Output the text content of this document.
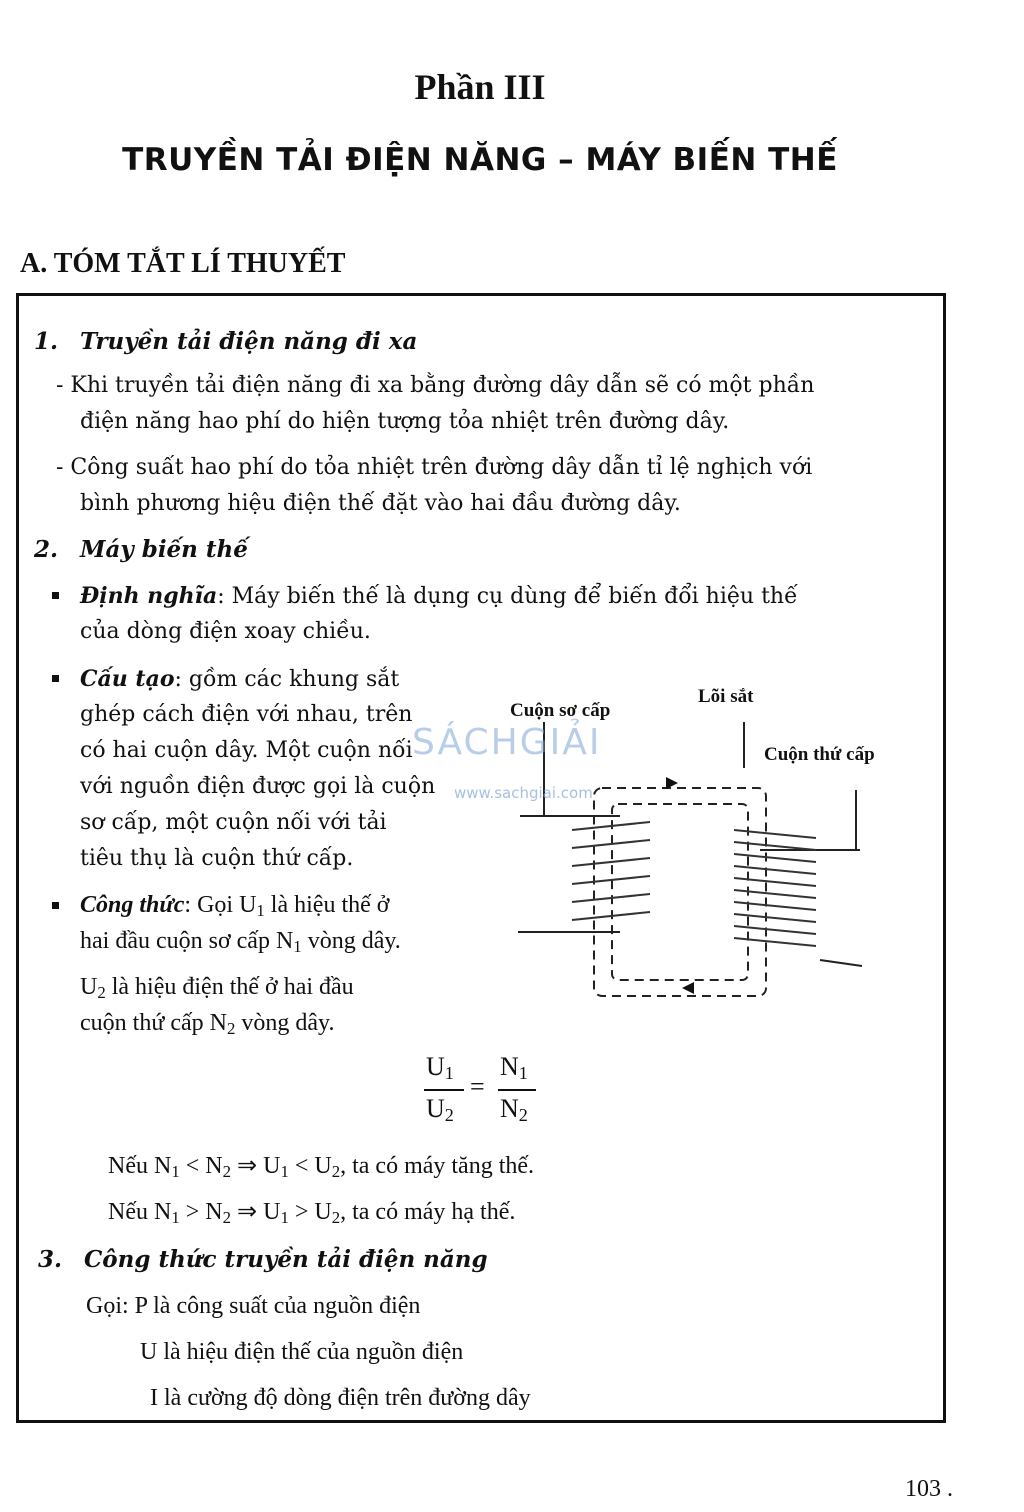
Phần III
TRUYỀN TẢI ĐIỆN NĂNG – MÁY BIẾN THẾ
A. TÓM TẮT LÍ THUYẾT
1. Truyền tải điện năng đi xa
- Khi truyền tải điện năng đi xa bằng đường dây dẫn sẽ có một phần
điện năng hao phí do hiện tượng tỏa nhiệt trên đường dây.
- Công suất hao phí do tỏa nhiệt trên đường dây dẫn tỉ lệ nghịch với
bình phương hiệu điện thế đặt vào hai đầu đường dây.
2. Máy biến thế
Định nghĩa: Máy biến thế là dụng cụ dùng để biến đổi hiệu thế
của dòng điện xoay chiều.
Cấu tạo: gồm các khung sắt
ghép cách điện với nhau, trên
có hai cuộn dây. Một cuộn nối
với nguồn điện được gọi là cuộn
sơ cấp, một cuộn nối với tải
tiêu thụ là cuộn thứ cấp.
Công thức: Gọi $U_1$ là hiệu thế ở
hai đầu cuộn sơ cấp $N_1$ vòng dây.
$U_2$ là hiệu điện thế ở hai đầu
cuộn thứ cấp $N_2$ vòng dây.
$U_1$
$U_2$
=
$N_1$
$N_2$
Nếu $N_1 < N_2$ ⇒ $U_1 < U_2$, ta có máy tăng thế.
Nếu $N_1 > N_2$ ⇒ $U_1 > U_2$, ta có máy hạ thế.
3. Công thức truyền tải điện năng
Gọi: P là công suất của nguồn điện
U là hiệu điện thế của nguồn điện
I là cường độ dòng điện trên đường dây
Cuộn sơ cấp
Lõi sắt
Cuộn thứ cấp
SÁCHGIẢI
www.sachgiai.com
103 .
